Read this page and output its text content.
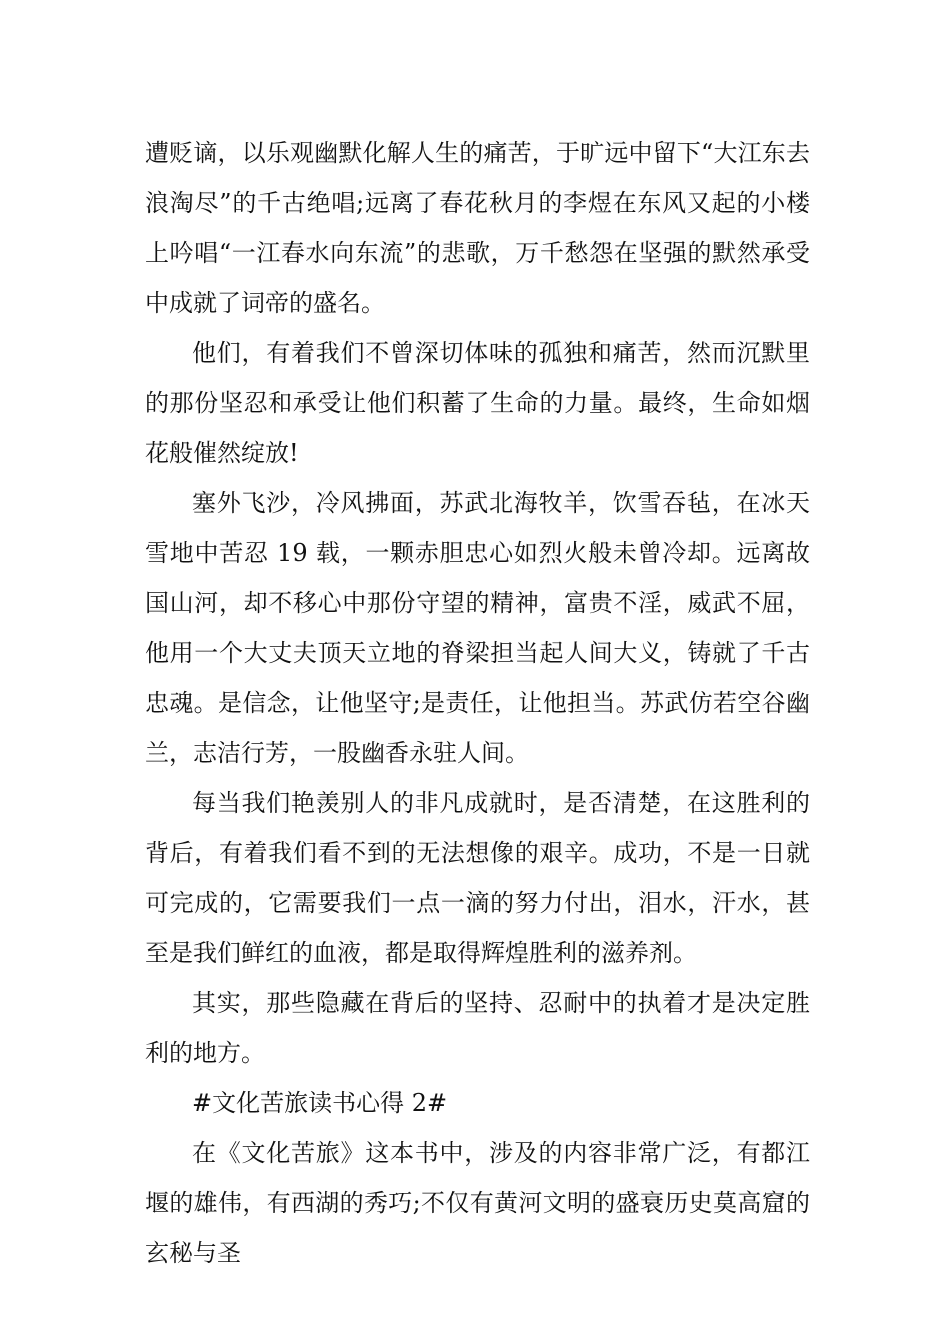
遭贬谪，以乐观幽默化解人生的痛苦，于旷远中留下“大江东去浪淘尽”的千古绝唱;远离了春花秋月的李煜在东风又起的小楼上吟唱“一江春水向东流”的悲歌，万千愁怨在坚强的默然承受中成就了词帝的盛名。

他们，有着我们不曾深切体味的孤独和痛苦，然而沉默里的那份坚忍和承受让他们积蓄了生命的力量。最终，生命如烟花般催然绽放!

塞外飞沙，冷风拂面，苏武北海牧羊，饮雪吞毡，在冰天雪地中苦忍 19 载，一颗赤胆忠心如烈火般未曾冷却。远离故国山河，却不移心中那份守望的精神，富贵不淫，威武不屈，他用一个大丈夫顶天立地的脊梁担当起人间大义，铸就了千古忠魂。是信念，让他坚守;是责任，让他担当。苏武仿若空谷幽兰，志洁行芳，一股幽香永驻人间。

每当我们艳羡别人的非凡成就时，是否清楚，在这胜利的背后，有着我们看不到的无法想像的艰辛。成功，不是一日就可完成的，它需要我们一点一滴的努力付出，泪水，汗水，甚至是我们鲜红的血液，都是取得辉煌胜利的滋养剂。

其实，那些隐藏在背后的坚持、忍耐中的执着才是决定胜利的地方。

#文化苦旅读书心得 2#

在《文化苦旅》这本书中，涉及的内容非常广泛，有都江堰的雄伟，有西湖的秀巧;不仅有黄河文明的盛衰历史莫高窟的玄秘与圣
